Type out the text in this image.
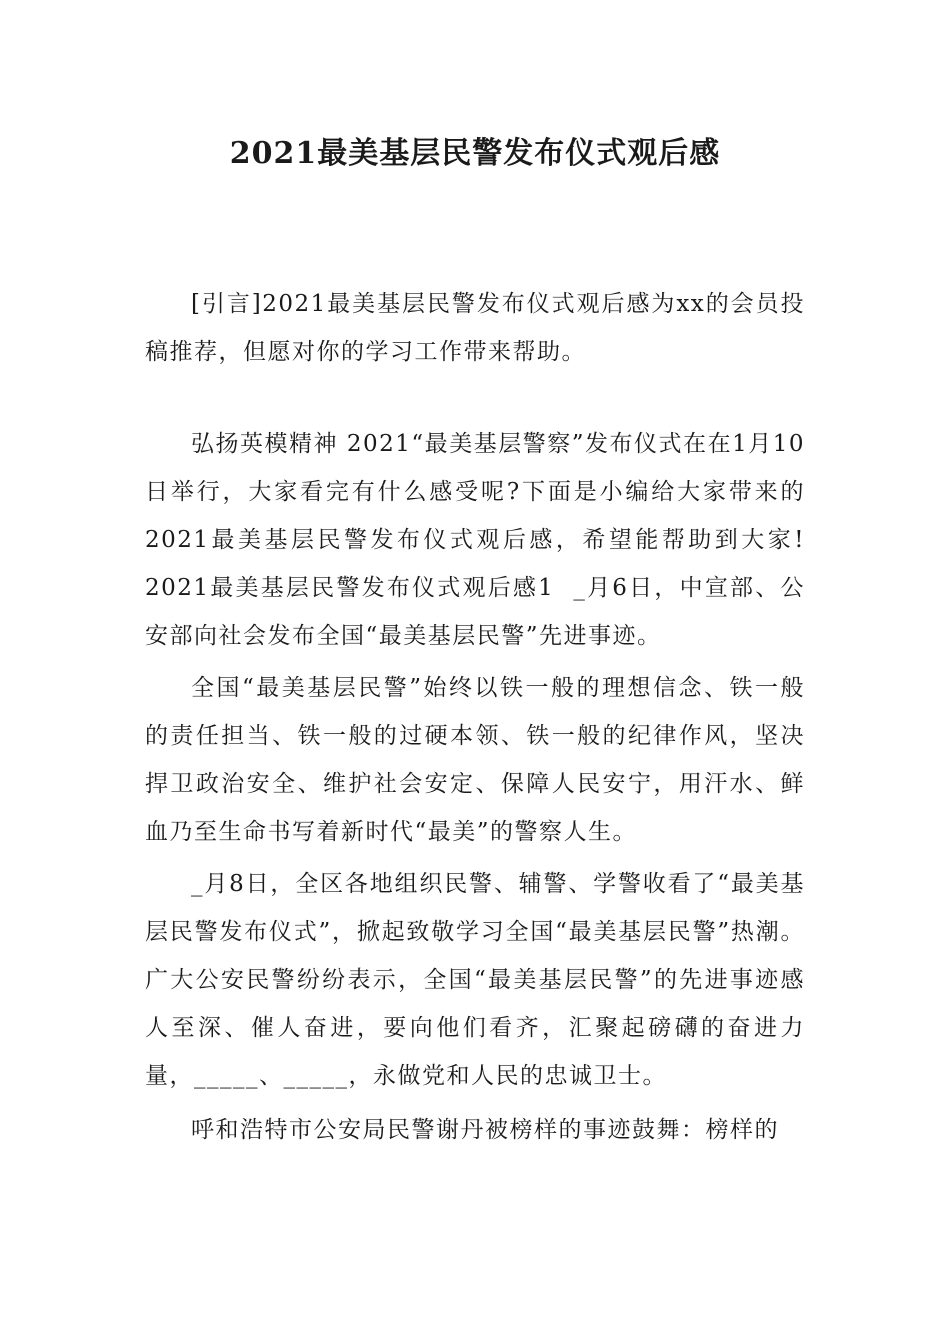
2021最美基层民警发布仪式观后感

[引言]2021最美基层民警发布仪式观后感为xx的会员投稿推荐，但愿对你的学习工作带来帮助。

弘扬英模精神 2021“最美基层警察”发布仪式在在1月10日举行，大家看完有什么感受呢?下面是小编给大家带来的2021最美基层民警发布仪式观后感，希望能帮助到大家! 2021最美基层民警发布仪式观后感1  _月6日，中宣部、公安部向社会发布全国“最美基层民警”先进事迹。

全国“最美基层民警”始终以铁一般的理想信念、铁一般的责任担当、铁一般的过硬本领、铁一般的纪律作风，坚决捍卫政治安全、维护社会安定、保障人民安宁，用汗水、鲜血乃至生命书写着新时代“最美”的警察人生。

_月8日，全区各地组织民警、辅警、学警收看了“最美基层民警发布仪式”，掀起致敬学习全国“最美基层民警”热潮。广大公安民警纷纷表示，全国“最美基层民警”的先进事迹感人至深、催人奋进，要向他们看齐，汇聚起磅礴的奋进力量，_____、_____，永做党和人民的忠诚卫士。

呼和浩特市公安局民警谢丹被榜样的事迹鼓舞：榜样的
